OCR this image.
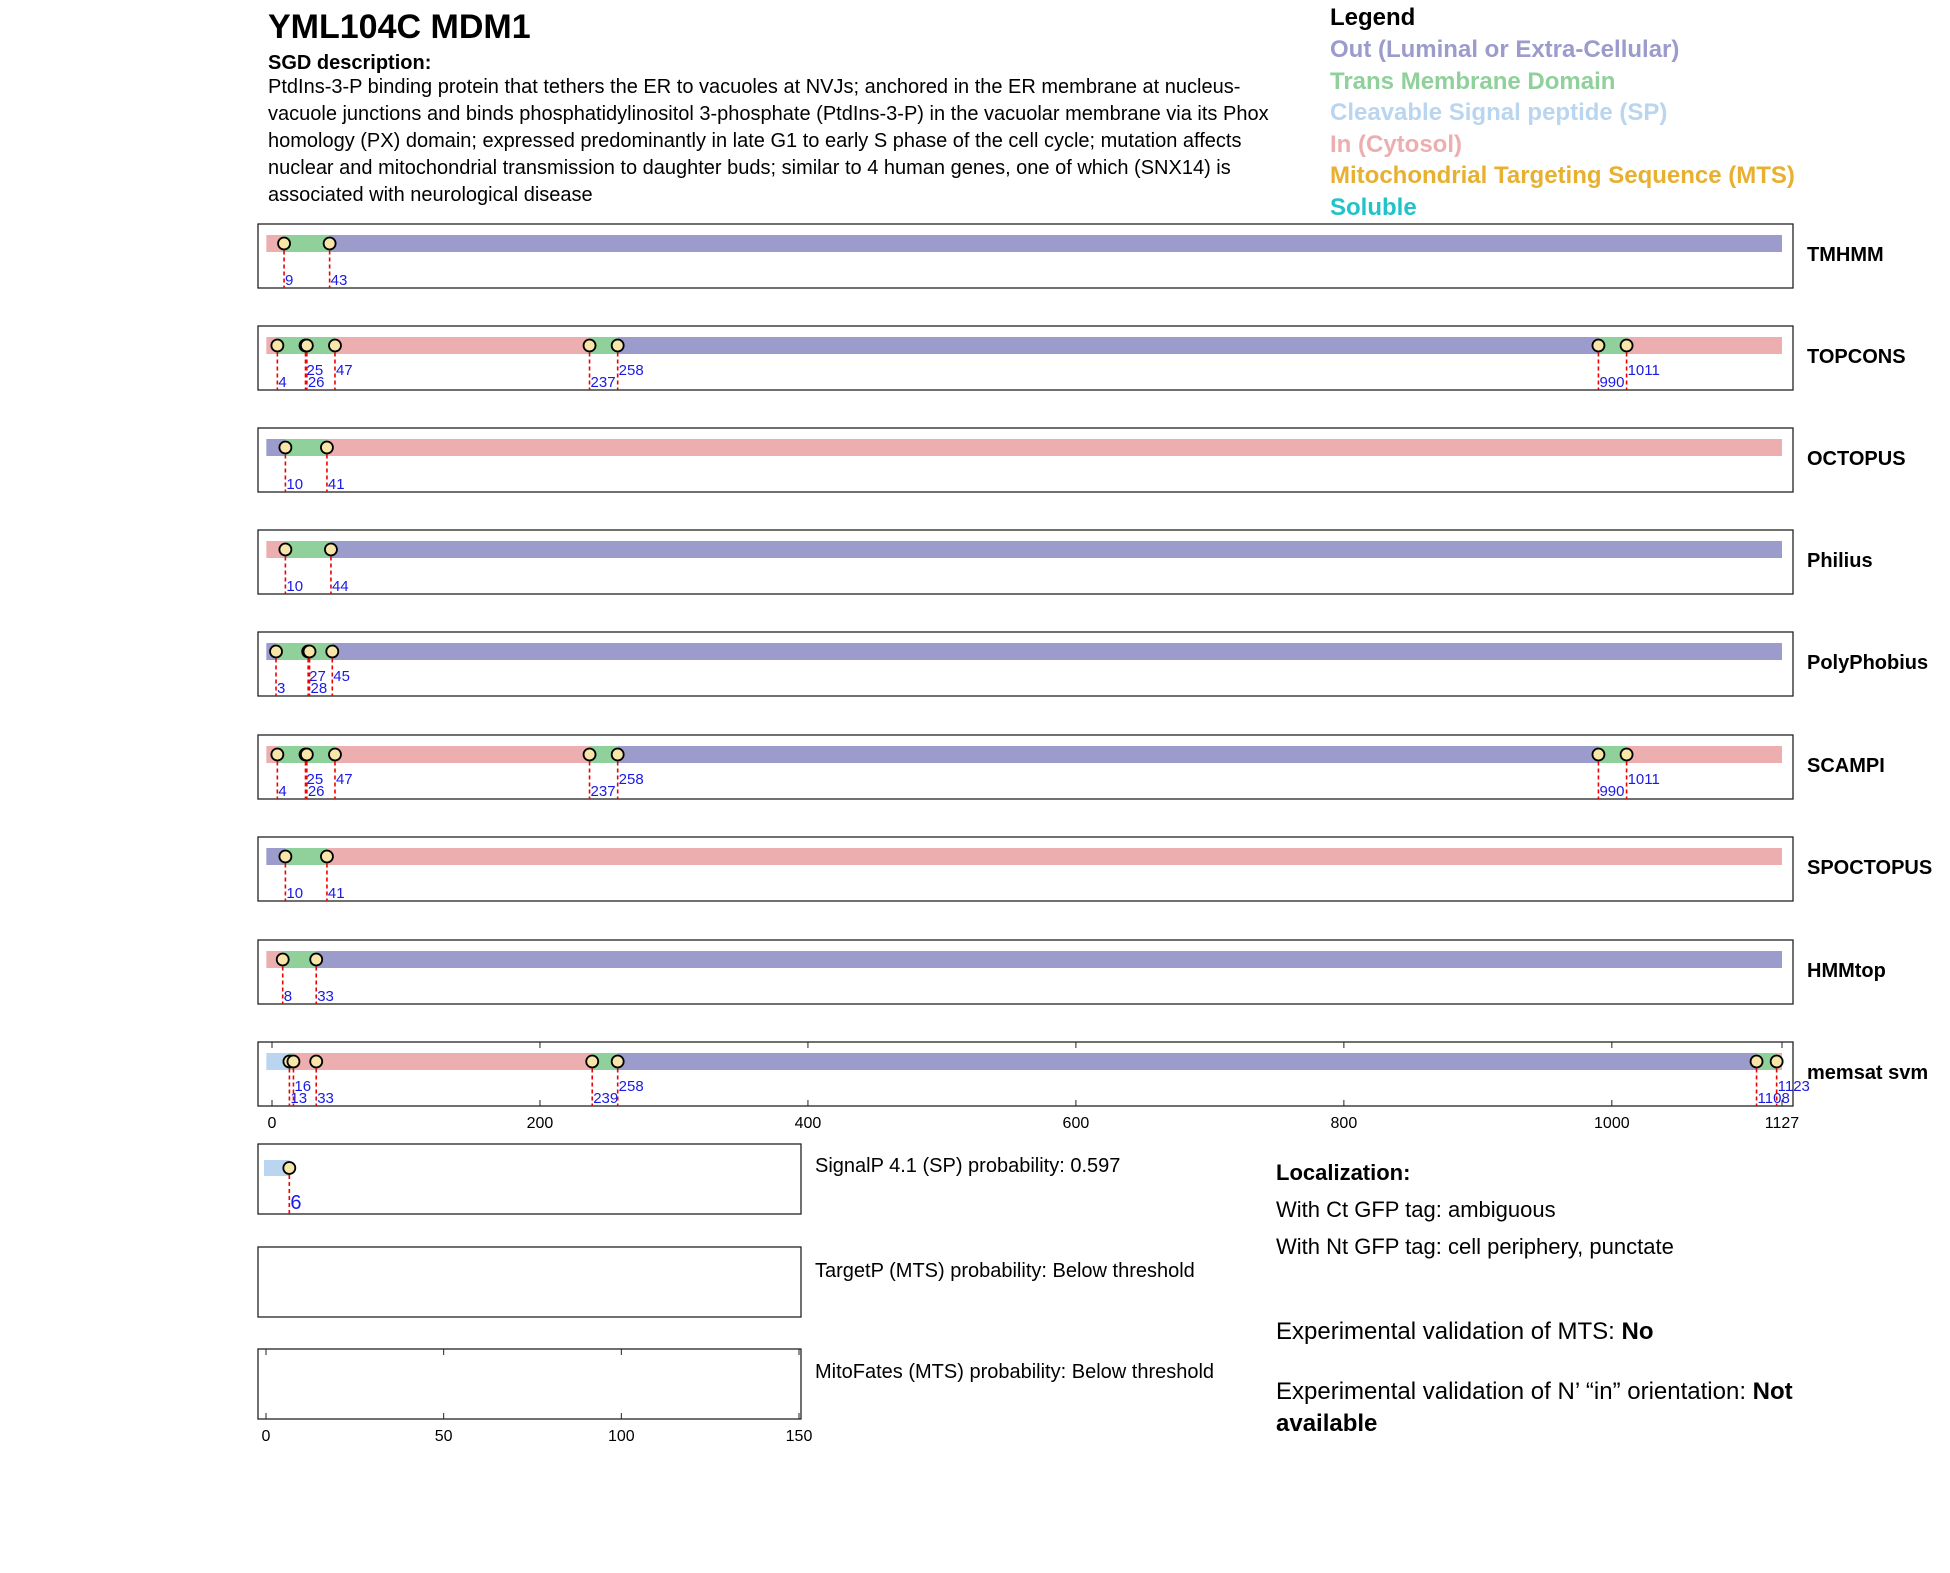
YML104C MDM1
SGD description:
PtdIns-3-P binding protein that tethers the ER to vacuoles at NVJs; anchored in the ER membrane at nucleus-vacuole junctions and binds phosphatidylinositol 3-phosphate (PtdIns-3-P) in the vacuolar membrane via its Phox homology (PX) domain; expressed predominantly in late G1 to early S phase of the cell cycle; mutation affects nuclear and mitochondrial transmission to daughter buds; similar to 4 human genes, one of which (SNX14) is associated with neurological disease
Legend
Out (Luminal or Extra-Cellular)
Trans Membrane Domain
Cleavable Signal peptide (SP)
In (Cytosol)
Mitochondrial Targeting Sequence (MTS)
Soluble
9 43
TMHMM
4
25
26
47
237
258
990
1011
TOPCONS
10 41
OCTOPUS
10 44
Philius
3
27
28
45
PolyPhobius
4
25
26
47
237
258
990
1011
SCAMPI
10 41
SPOCTOPUS
8 33
HMMtop
13
16
33	239
258
1108
1123
memsat svm
0	200	400	600	800	1000	1127
6
0	50	100	150
SignalP 4.1 (SP) probability: 0.597
TargetP (MTS) probability: Below threshold
MitoFates (MTS) probability: Below threshold
Localization:
With Ct GFP tag: ambiguous
With Nt GFP tag: cell periphery, punctate
Experimental validation of MTS: No
Experimental validation of N’ “in” orientation: Not available
